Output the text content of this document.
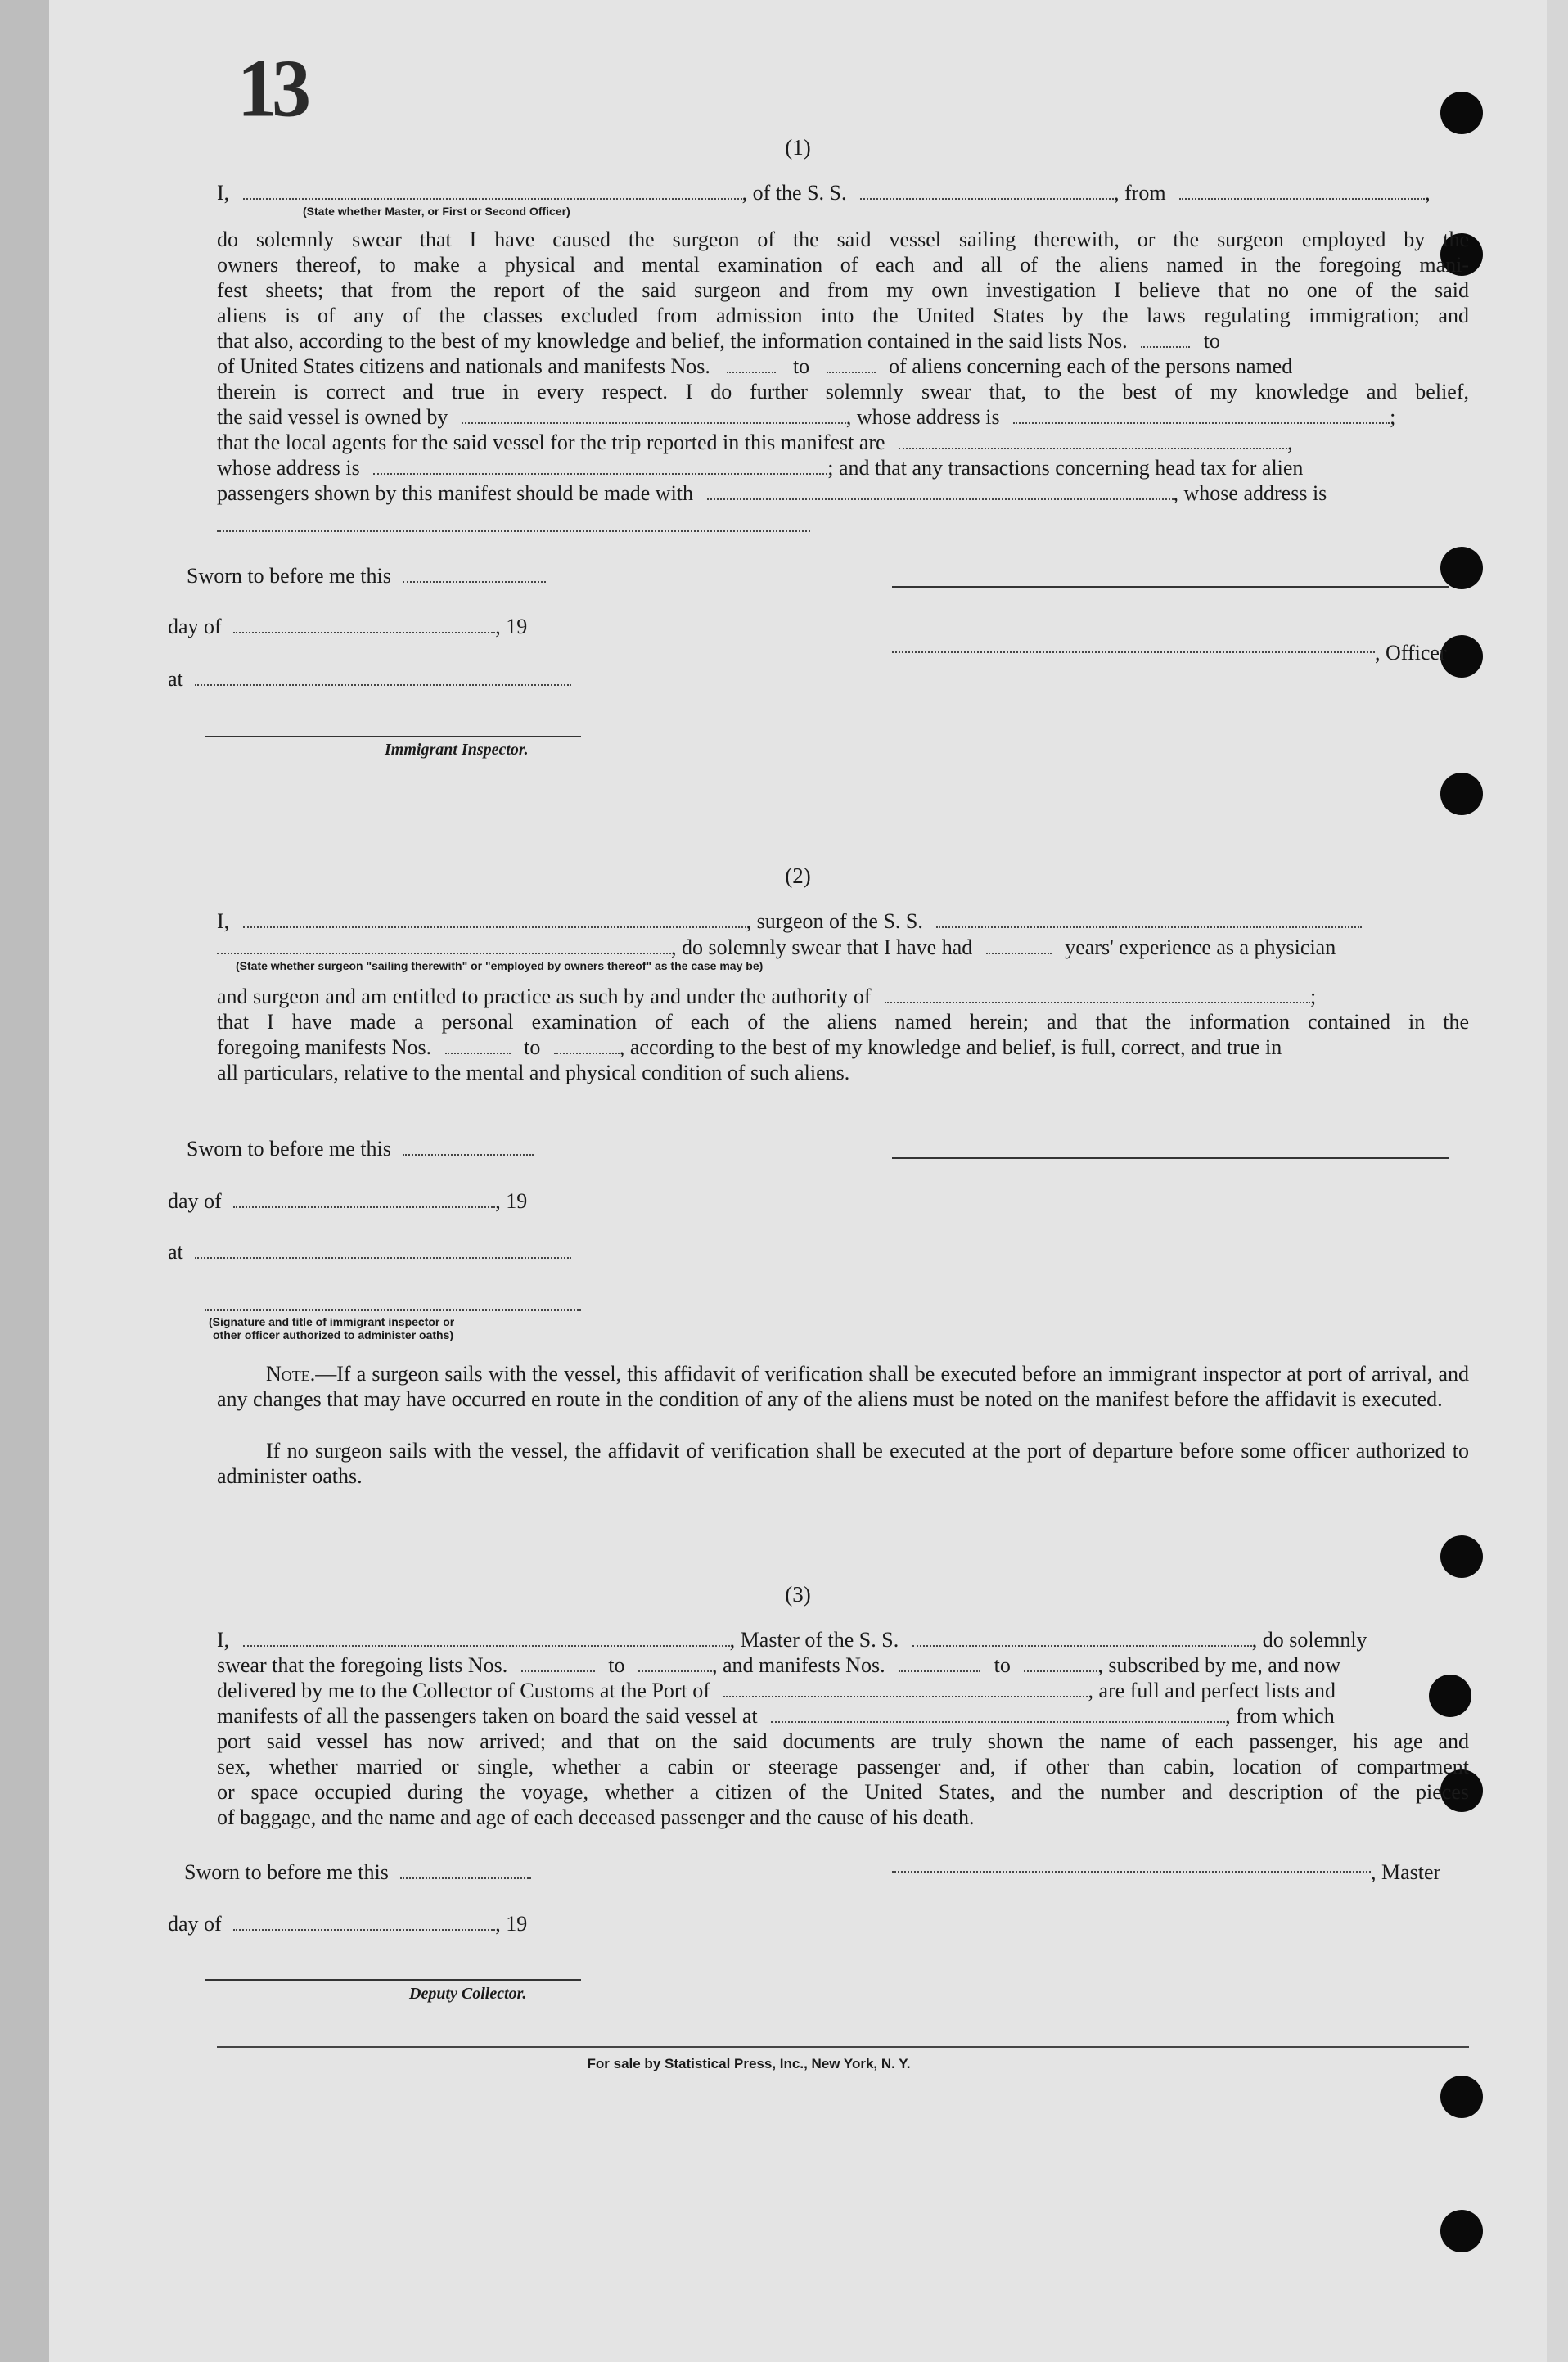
13
(1)
I,	, of the S. S.	, from	,
(State whether Master, or First or Second Officer)
do solemnly swear that I have caused the surgeon of the said vessel sailing therewith, or the surgeon employed by the
owners thereof, to make a physical and mental examination of each and all of the aliens named in the foregoing mani-
fest sheets; that from the report of the said surgeon and from my own investigation I believe that no one of the said
aliens is of any of the classes excluded from admission into the United States by the laws regulating immigration; and
that also, according to the best of my knowledge and belief, the information contained in the said lists Nos.	to
of United States citizens and nationals and manifests Nos.	to	of aliens concerning each of the persons named
therein is correct and true in every respect. I do further solemnly swear that, to the best of my knowledge and belief,
the said vessel is owned by	, whose address is	;
that the local agents for the said vessel for the trip reported in this manifest are	,
whose address is	; and that any transactions concerning head tax for alien
passengers shown by this manifest should be made with	, whose address is
Sworn to before me this
day of	, 19
, Officer
at
Immigrant Inspector.
(2)
I,	, surgeon of the S. S.
, do solemnly swear that I have had	years' experience as a physician
(State whether surgeon "sailing therewith" or "employed by owners thereof" as the case may be)
and surgeon and am entitled to practice as such by and under the authority of	;
that I have made a personal examination of each of the aliens named herein; and that the information contained in the
foregoing manifests Nos.	to	, according to the best of my knowledge and belief, is full, correct, and true in
all particulars, relative to the mental and physical condition of such aliens.
Sworn to before me this
day of	, 19
at
(Signature and title of immigrant inspector or
other officer authorized to administer oaths)
Note.—If a surgeon sails with the vessel, this affidavit of verification shall be executed before an immigrant inspector at port of arrival, and any changes that may have occurred en route in the condition of any of the aliens must be noted on the manifest before the affidavit is executed.
If no surgeon sails with the vessel, the affidavit of verification shall be executed at the port of departure before some officer authorized to administer oaths.
(3)
I,	, Master of the S. S.	, do solemnly
swear that the foregoing lists Nos.	to	, and manifests Nos.	to	, subscribed by me, and now
delivered by me to the Collector of Customs at the Port of	, are full and perfect lists and
manifests of all the passengers taken on board the said vessel at	, from which
port said vessel has now arrived; and that on the said documents are truly shown the name of each passenger, his age and
sex, whether married or single, whether a cabin or steerage passenger and, if other than cabin, location of compartment
or space occupied during the voyage, whether a citizen of the United States, and the number and description of the pieces
of baggage, and the name and age of each deceased passenger and the cause of his death.
Sworn to before me this	, Master
day of	, 19
Deputy Collector.
For sale by Statistical Press, Inc., New York, N. Y.
